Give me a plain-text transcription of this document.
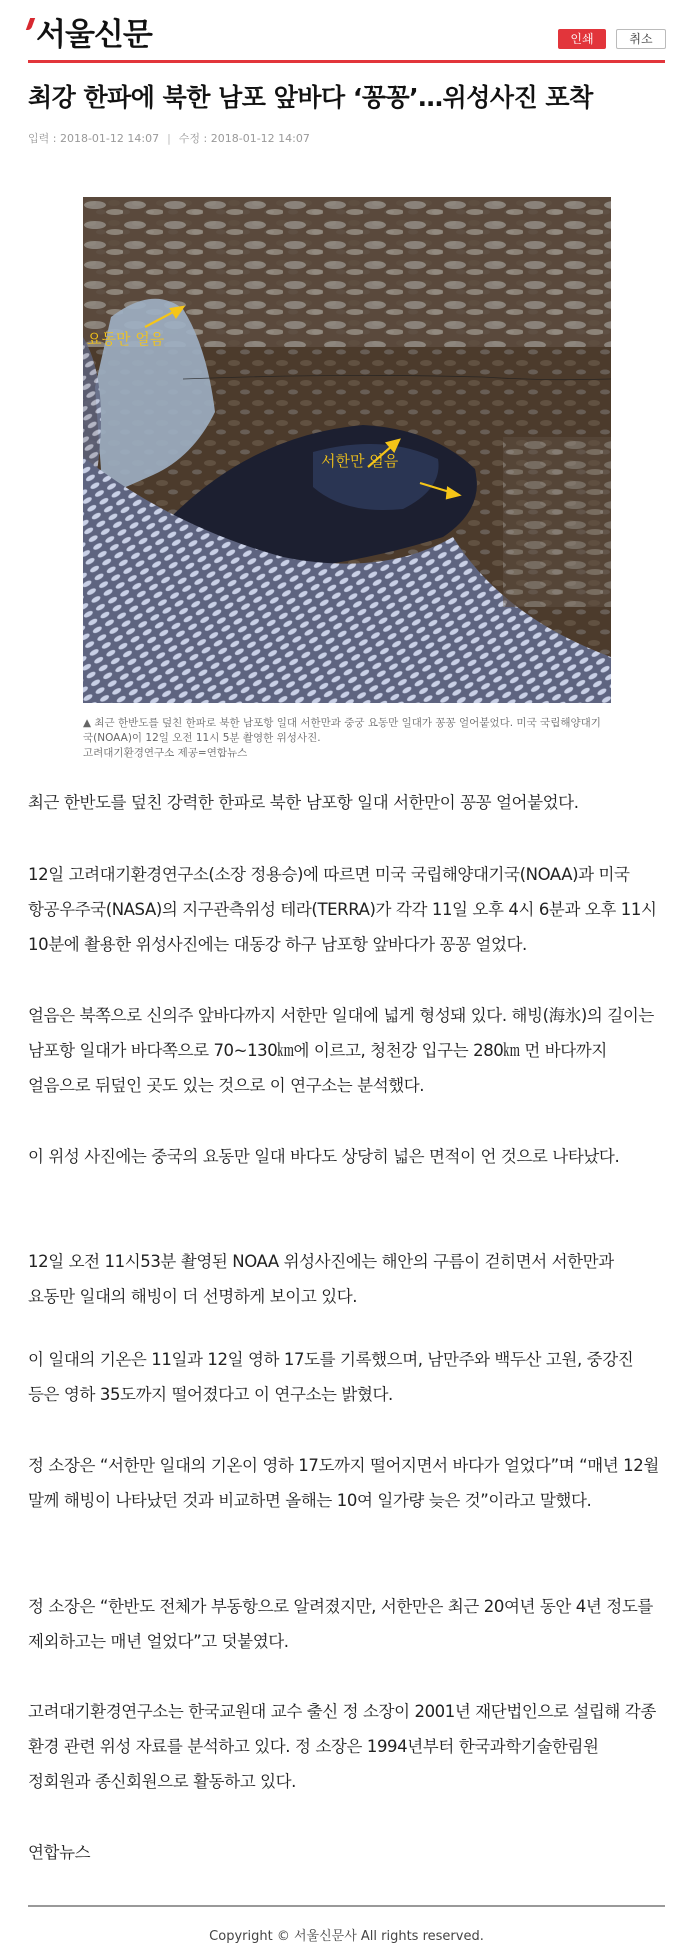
서울신문	인쇄	취소
최강 한파에 북한 남포 앞바다 ‘꽁꽁’…위성사진 포착
입력 : 2018-01-12 14:07 | 수정 : 2018-01-12 14:07
요동만 얼음
서한만 얼음
▲ 최근 한반도를 덮친 한파로 북한 남포항 일대 서한만과 중궁 요동만 일대가 꽁꽁 얼어붙었다. 미국 국립해양대기국(NOAA)이 12일 오전 11시 5분 촬영한 위성사진.
고려대기환경연구소 제공=연합뉴스

최근 한반도를 덮친 강력한 한파로 북한 남포항 일대 서한만이 꽁꽁 얼어붙었다.

12일 고려대기환경연구소(소장 정용승)에 따르면 미국 국립해양대기국(NOAA)과 미국 항공우주국(NASA)의 지구관측위성 테라(TERRA)가 각각 11일 오후 4시 6분과 오후 11시 10분에 촬용한 위성사진에는 대동강 하구 남포항 앞바다가 꽁꽁 얼었다.

얼음은 북쪽으로 신의주 앞바다까지 서한만 일대에 넓게 형성돼 있다. 해빙(海氷)의 길이는 남포항 일대가 바다쪽으로 70~130㎞에 이르고, 청천강 입구는 280㎞ 먼 바다까지 얼음으로 뒤덮인 곳도 있는 것으로 이 연구소는 분석했다.

이 위성 사진에는 중국의 요동만 일대 바다도 상당히 넓은 면적이 언 것으로 나타났다.

12일 오전 11시53분 촬영된 NOAA 위성사진에는 해안의 구름이 걷히면서 서한만과 요동만 일대의 해빙이 더 선명하게 보이고 있다.

이 일대의 기온은 11일과 12일 영하 17도를 기록했으며, 남만주와 백두산 고원, 중강진 등은 영하 35도까지 떨어졌다고 이 연구소는 밝혔다.

정 소장은 “서한만 일대의 기온이 영하 17도까지 떨어지면서 바다가 얼었다”며 “매년 12월 말께 해빙이 나타났던 것과 비교하면 올해는 10여 일가량 늦은 것”이라고 말했다.

정 소장은 “한반도 전체가 부동항으로 알려졌지만, 서한만은 최근 20여년 동안 4년 정도를 제외하고는 매년 얼었다”고 덧붙였다.

고려대기환경연구소는 한국교원대 교수 출신 정 소장이 2001년 재단법인으로 설립해 각종 환경 관련 위성 자료를 분석하고 있다. 정 소장은 1994년부터 한국과학기술한림원 정회원과 종신회원으로 활동하고 있다.

연합뉴스

Copyright © 서울신문사 All rights reserved.
